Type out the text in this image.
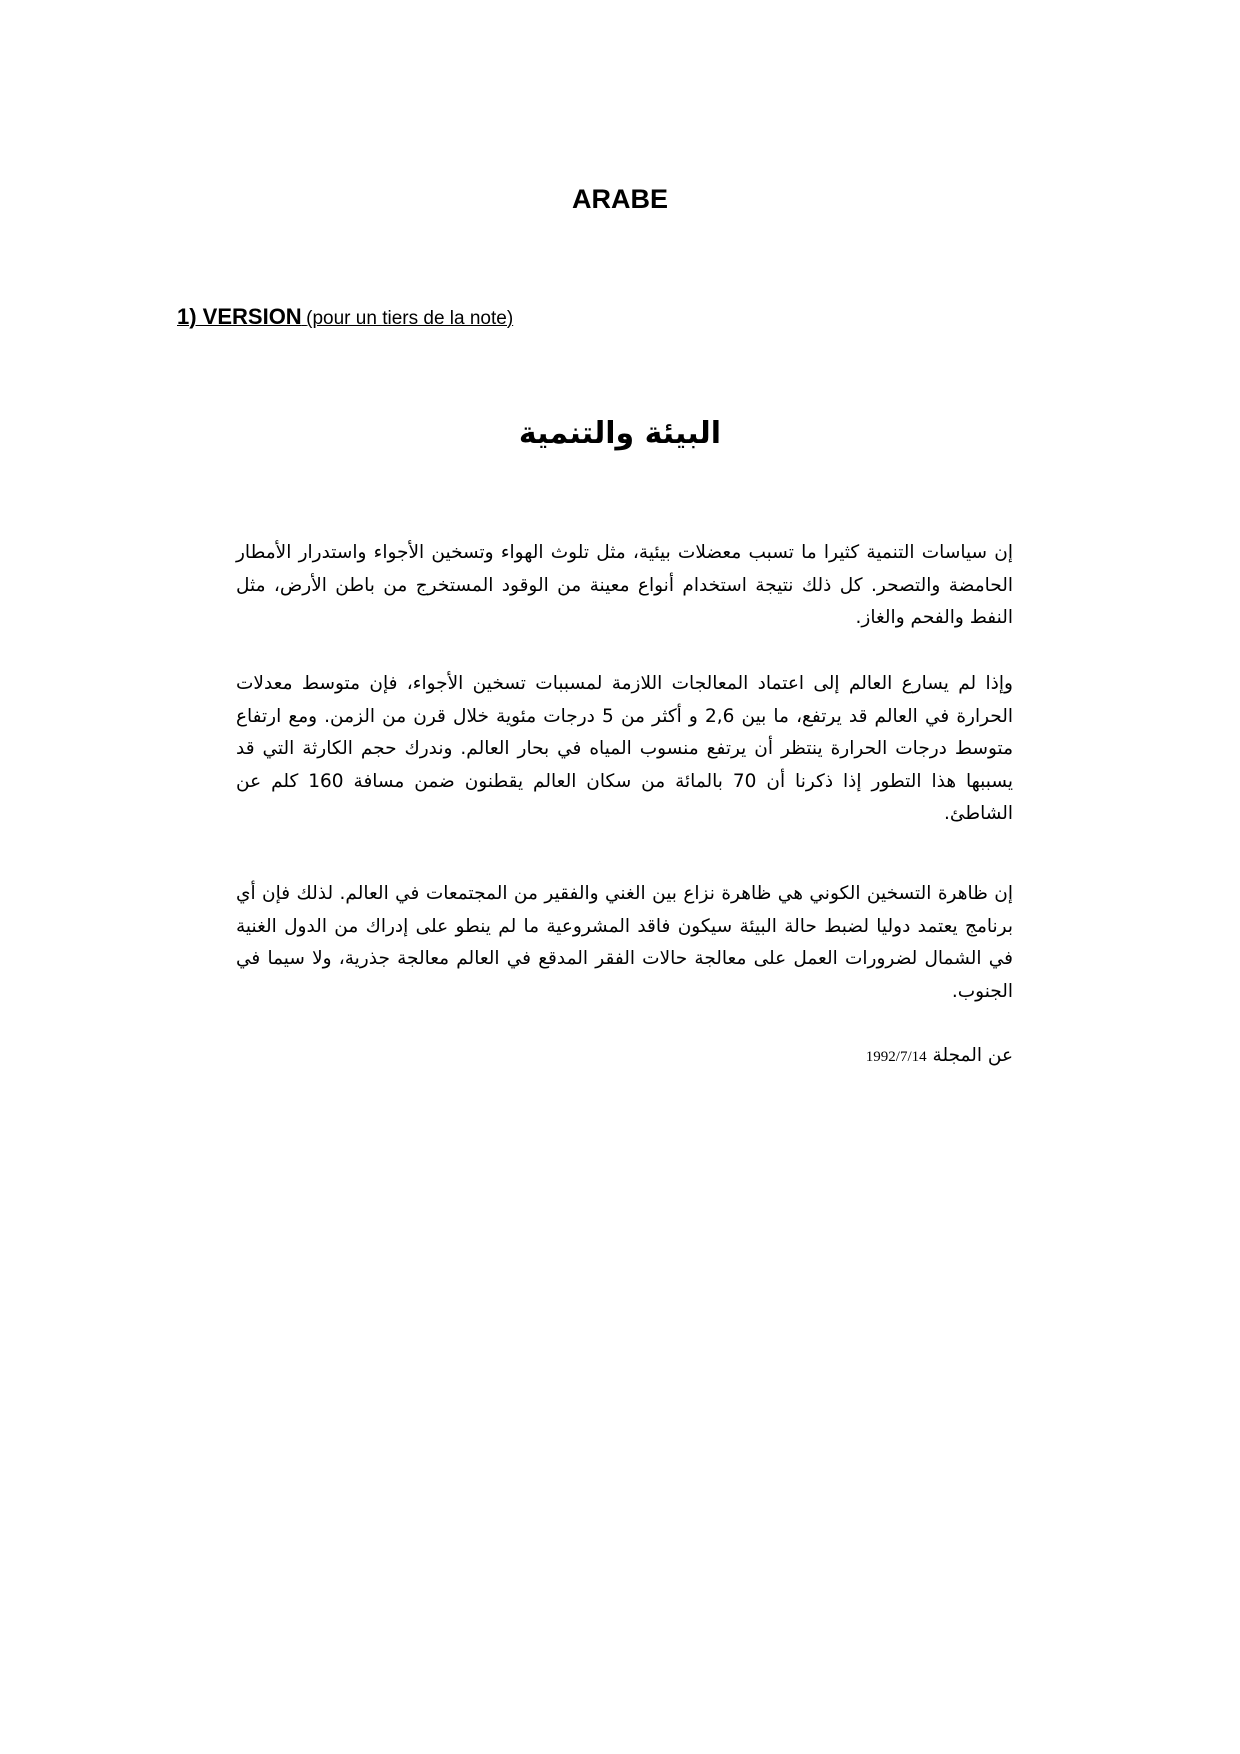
ARABE
1) VERSION (pour un tiers de la note)
البيئة والتنمية

إن سياسات التنمية كثيرا ما تسبب معضلات بيئية، مثل تلوث الهواء وتسخين الأجواء واستدرار الأمطار الحامضة والتصحر. كل ذلك نتيجة استخدام أنواع معينة من الوقود المستخرج من باطن الأرض، مثل النفط والفحم والغاز.

وإذا لم يسارع العالم إلى اعتماد المعالجات اللازمة لمسببات تسخين الأجواء، فإن متوسط معدلات الحرارة في العالم قد يرتفع، ما بين 2,6 و أكثر من 5 درجات مئوية خلال قرن من الزمن. ومع ارتفاع متوسط درجات الحرارة ينتظر أن يرتفع منسوب المياه في بحار العالم. وندرك حجم الكارثة التي قد يسببها هذا التطور إذا ذكرنا أن 70 بالمائة من سكان العالم يقطنون ضمن مسافة 160 كلم عن الشاطئ.

إن ظاهرة التسخين الكوني هي ظاهرة نزاع بين الغني والفقير من المجتمعات في العالم. لذلك فإن أي برنامج يعتمد دوليا لضبط حالة البيئة سيكون فاقد المشروعية ما لم ينطو على إدراك من الدول الغنية في الشمال لضرورات العمل على معالجة حالات الفقر المدقع في العالم معالجة جذرية، ولا سيما في الجنوب.

عن المجلة 1992/7/14
